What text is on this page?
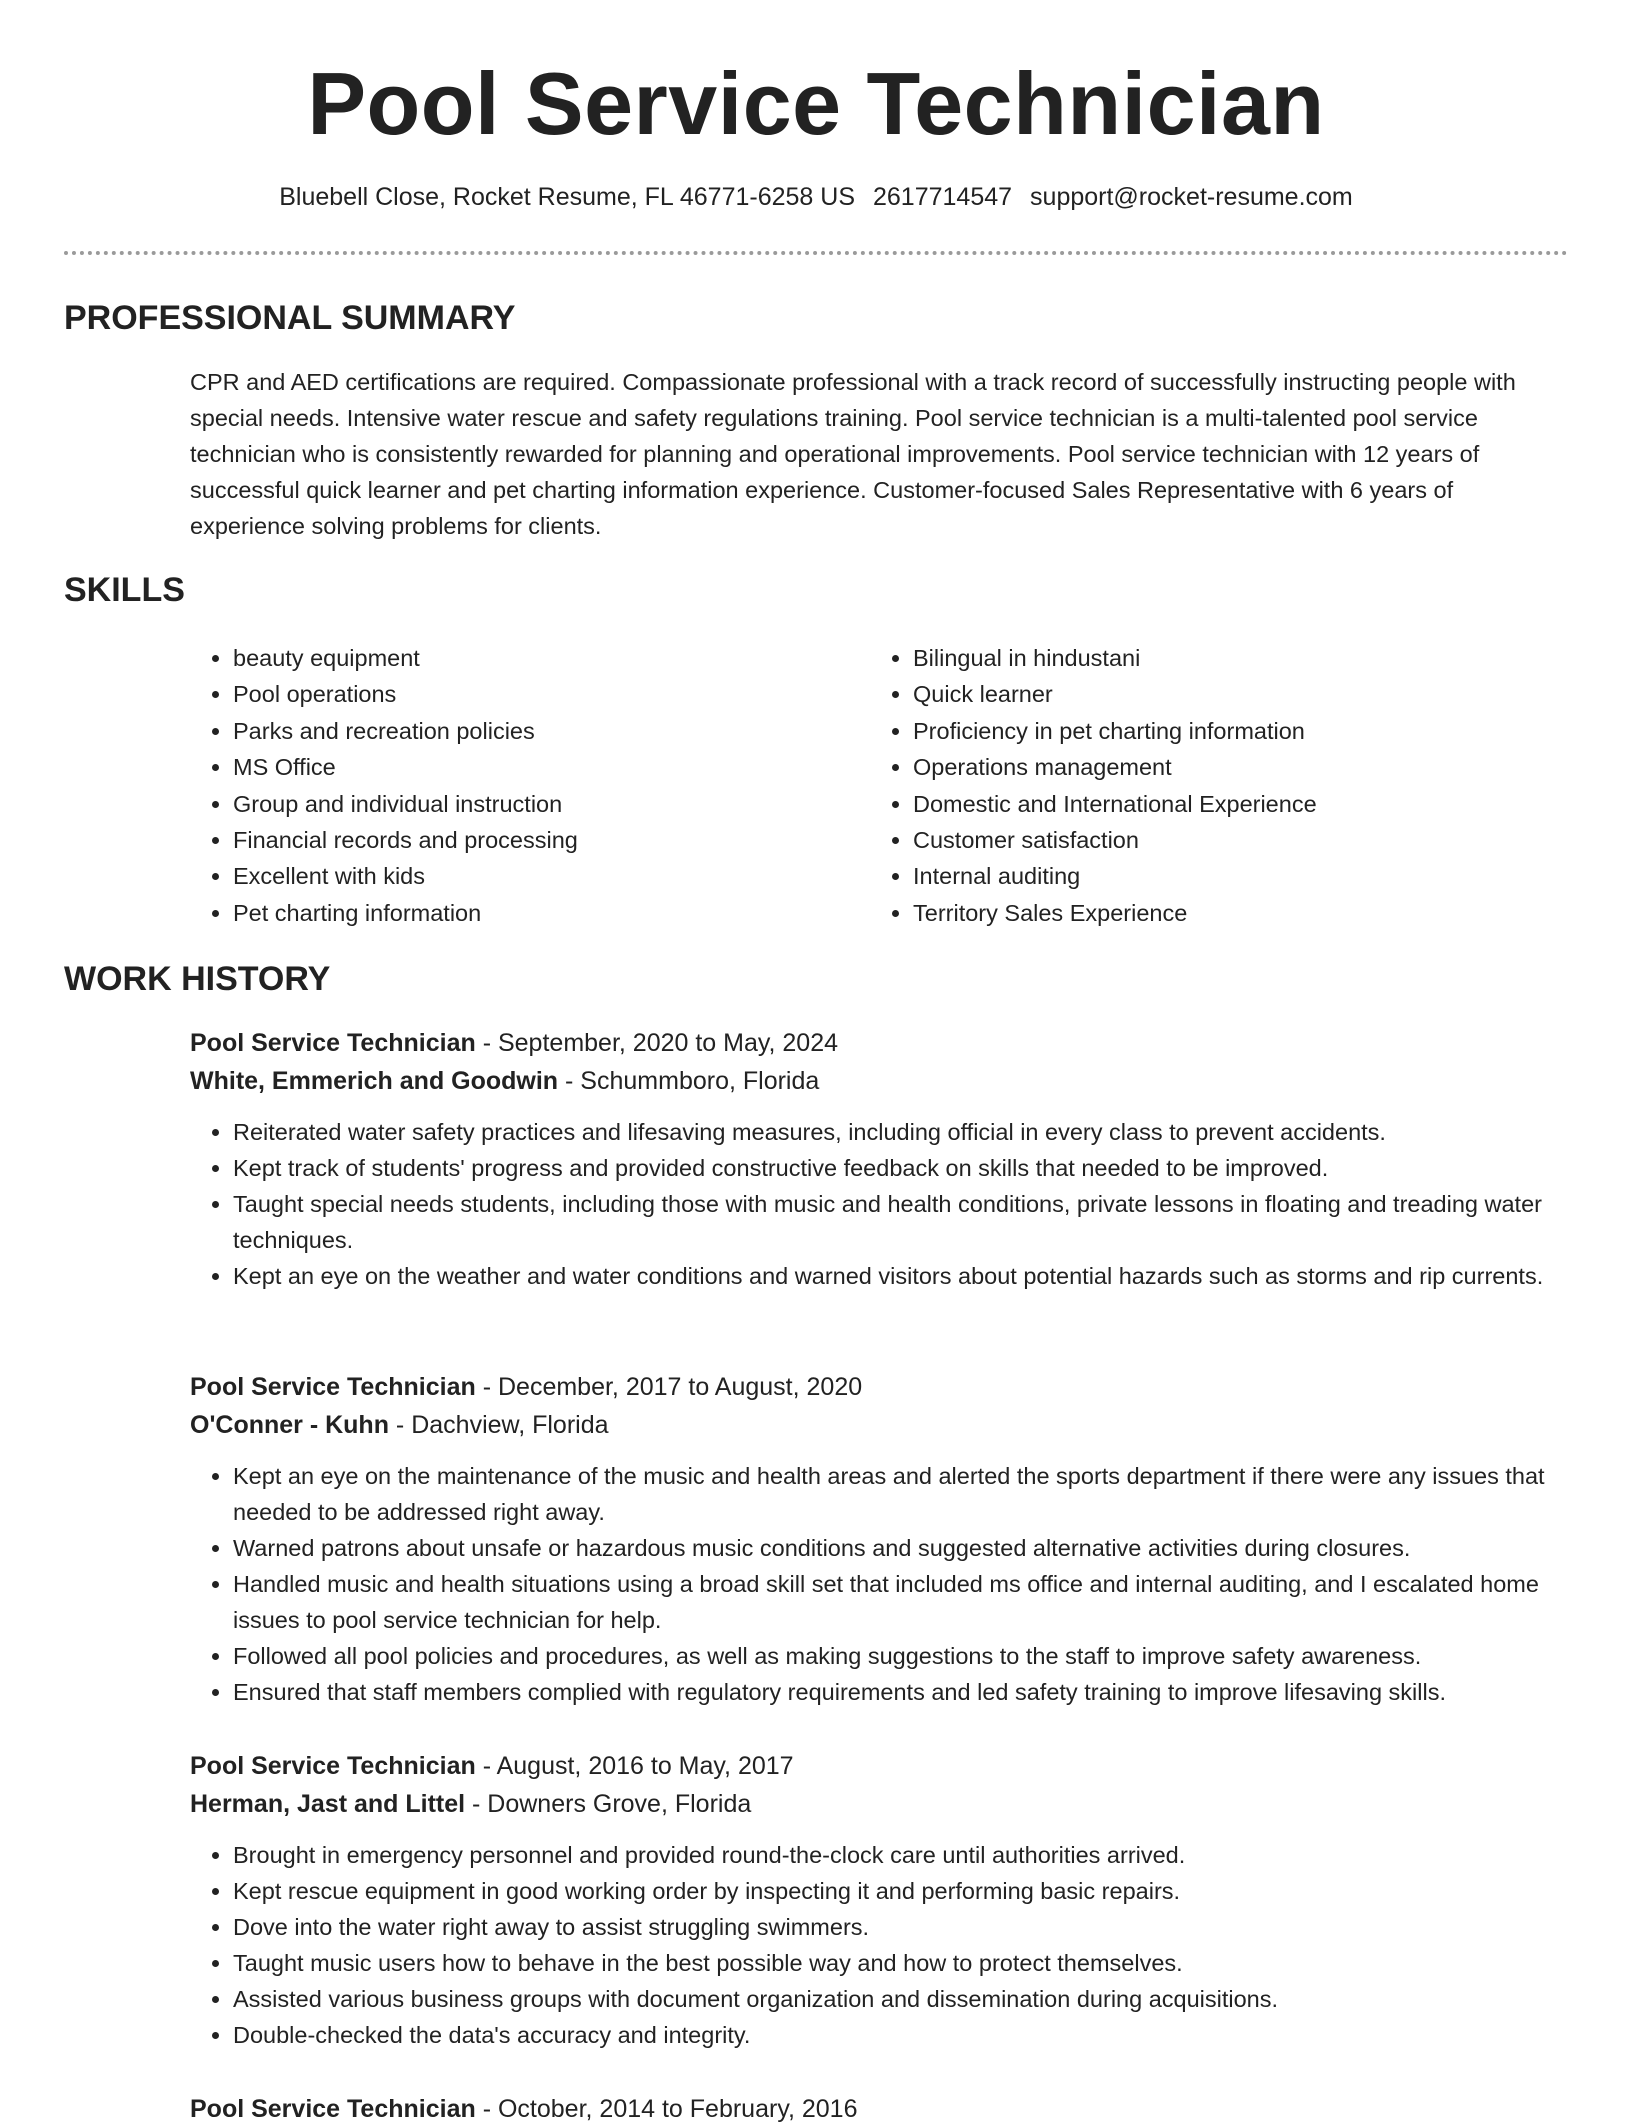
Pool Service Technician
Bluebell Close, Rocket Resume, FL 46771-6258 US 2617714547 support@rocket-resume.com
PROFESSIONAL SUMMARY

CPR and AED certifications are required. Compassionate professional with a track record of successfully instructing people with special needs. Intensive water rescue and safety regulations training. Pool service technician is a multi-talented pool service technician who is consistently rewarded for planning and operational improvements. Pool service technician with 12 years of successful quick learner and pet charting information experience. Customer-focused Sales Representative with 6 years of experience solving problems for clients.

SKILLS
• beauty equipment
• Pool operations
• Parks and recreation policies
• MS Office
• Group and individual instruction
• Financial records and processing
• Excellent with kids
• Pet charting information
• Bilingual in hindustani
• Quick learner
• Proficiency in pet charting information
• Operations management
• Domestic and International Experience
• Customer satisfaction
• Internal auditing
• Territory Sales Experience
WORK HISTORY
Pool Service Technician - September, 2020 to May, 2024
White, Emmerich and Goodwin - Schummboro, Florida
• Reiterated water safety practices and lifesaving measures, including official in every class to prevent accidents.
• Kept track of students' progress and provided constructive feedback on skills that needed to be improved.
• Taught special needs students, including those with music and health conditions, private lessons in floating and treading water techniques.
• Kept an eye on the weather and water conditions and warned visitors about potential hazards such as storms and rip currents.
Pool Service Technician - December, 2017 to August, 2020
O'Conner - Kuhn - Dachview, Florida
• Kept an eye on the maintenance of the music and health areas and alerted the sports department if there were any issues that needed to be addressed right away.
• Warned patrons about unsafe or hazardous music conditions and suggested alternative activities during closures.
• Handled music and health situations using a broad skill set that included ms office and internal auditing, and I escalated home issues to pool service technician for help.
• Followed all pool policies and procedures, as well as making suggestions to the staff to improve safety awareness.
• Ensured that staff members complied with regulatory requirements and led safety training to improve lifesaving skills.
Pool Service Technician - August, 2016 to May, 2017
Herman, Jast and Littel - Downers Grove, Florida
• Brought in emergency personnel and provided round-the-clock care until authorities arrived.
• Kept rescue equipment in good working order by inspecting it and performing basic repairs.
• Dove into the water right away to assist struggling swimmers.
• Taught music users how to behave in the best possible way and how to protect themselves.
• Assisted various business groups with document organization and dissemination during acquisitions.
• Double-checked the data's accuracy and integrity.
Pool Service Technician - October, 2014 to February, 2016
